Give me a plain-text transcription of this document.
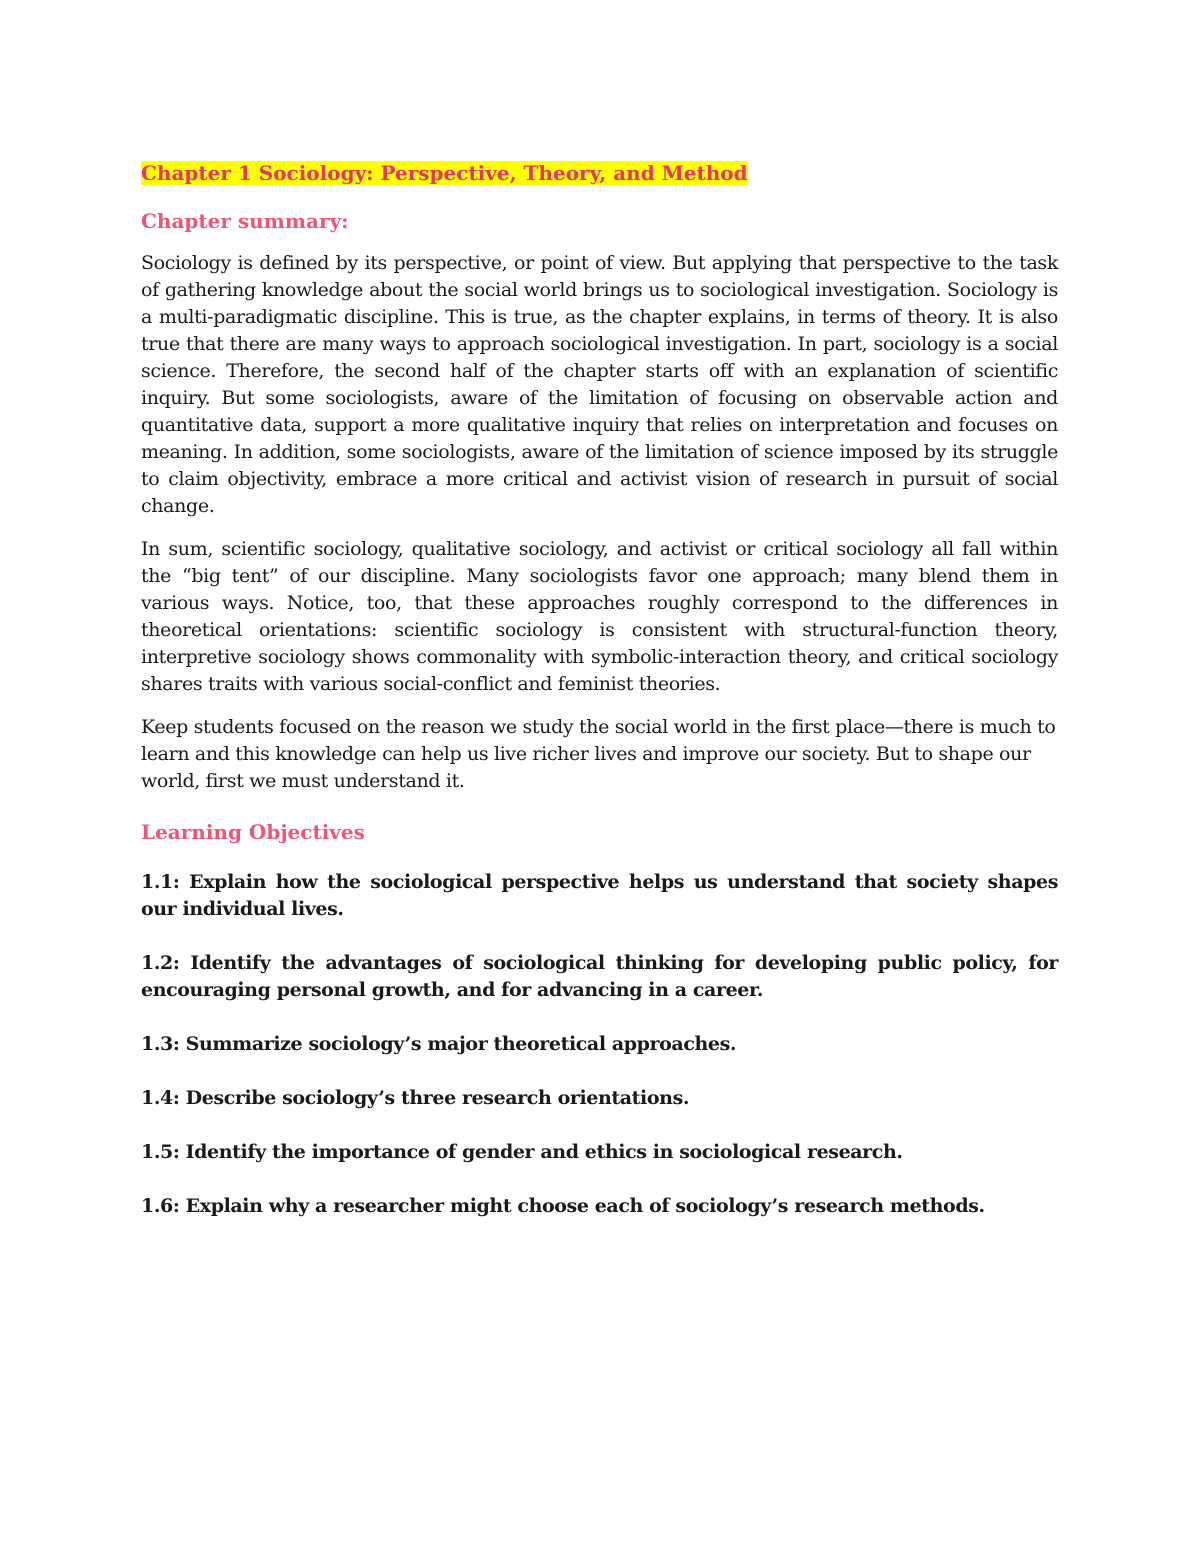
Chapter 1 Sociology: Perspective, Theory, and Method
Chapter summary:

Sociology is defined by its perspective, or point of view. But applying that perspective to the task of gathering knowledge about the social world brings us to sociological investigation. Sociology is a multi-paradigmatic discipline. This is true, as the chapter explains, in terms of theory. It is also true that there are many ways to approach sociological investigation. In part, sociology is a social science. Therefore, the second half of the chapter starts off with an explanation of scientific inquiry. But some sociologists, aware of the limitation of focusing on observable action and quantitative data, support a more qualitative inquiry that relies on interpretation and focuses on meaning. In addition, some sociologists, aware of the limitation of science imposed by its struggle to claim objectivity, embrace a more critical and activist vision of research in pursuit of social change.

In sum, scientific sociology, qualitative sociology, and activist or critical sociology all fall within the “big tent” of our discipline. Many sociologists favor one approach; many blend them in various ways. Notice, too, that these approaches roughly correspond to the differences in theoretical orientations: scientific sociology is consistent with structural-function theory, interpretive sociology shows commonality with symbolic-interaction theory, and critical sociology shares traits with various social-conflict and feminist theories.

Keep students focused on the reason we study the social world in the first place—there is much to learn and this knowledge can help us live richer lives and improve our society. But to shape our world, first we must understand it.

Learning Objectives

1.1: Explain how the sociological perspective helps us understand that society shapes our individual lives.

1.2: Identify the advantages of sociological thinking for developing public policy, for encouraging personal growth, and for advancing in a career.

1.3: Summarize sociology’s major theoretical approaches.

1.4: Describe sociology’s three research orientations.

1.5: Identify the importance of gender and ethics in sociological research.

1.6: Explain why a researcher might choose each of sociology’s research methods.
